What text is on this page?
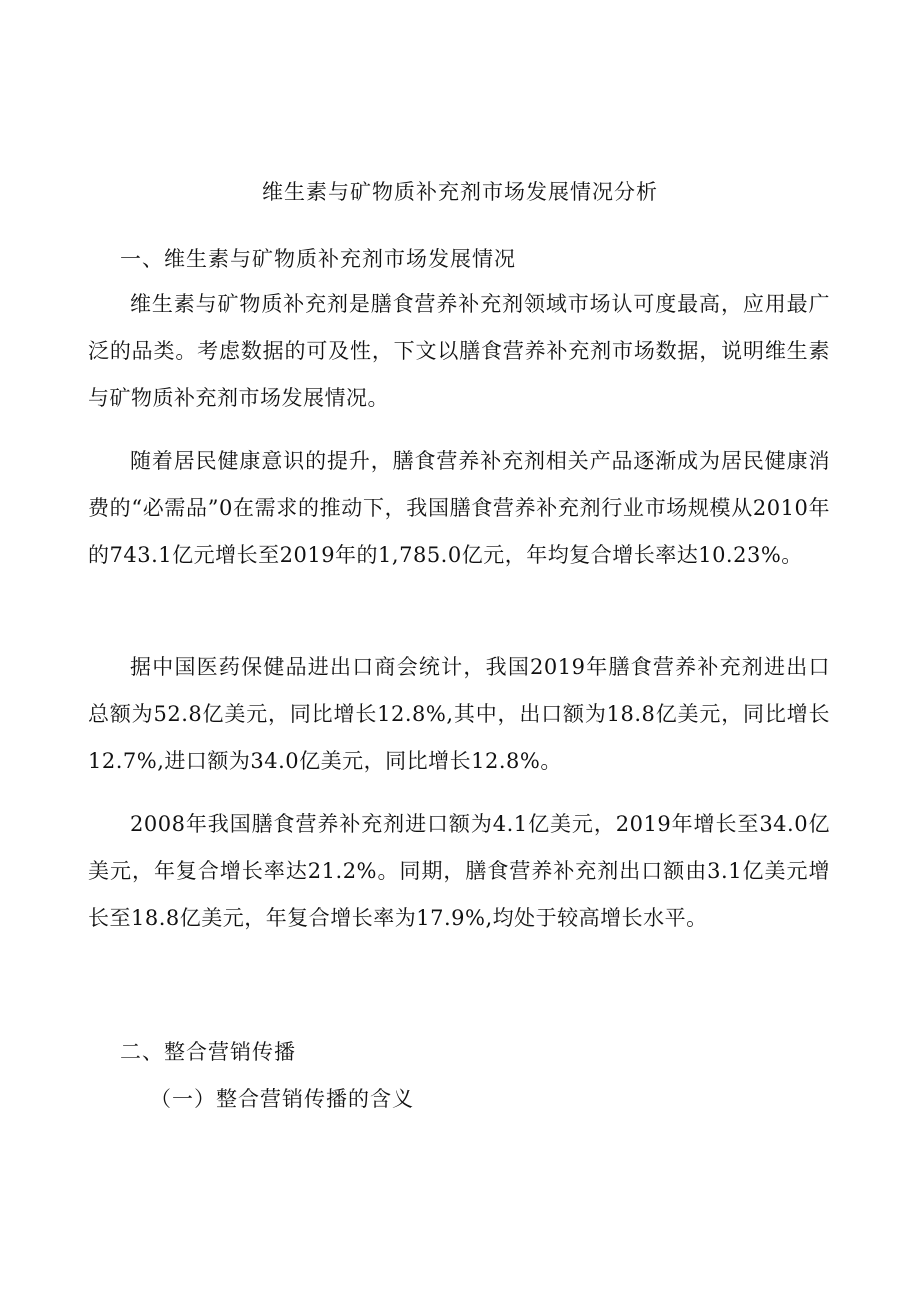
维生素与矿物质补充剂市场发展情况分析
一、维生素与矿物质补充剂市场发展情况

维生素与矿物质补充剂是膳食营养补充剂领域市场认可度最高，应用最广泛的品类。考虑数据的可及性，下文以膳食营养补充剂市场数据，说明维生素与矿物质补充剂市场发展情况。

随着居民健康意识的提升，膳食营养补充剂相关产品逐渐成为居民健康消费的“必需品”0在需求的推动下，我国膳食营养补充剂行业市场规模从2010年的743.1亿元增长至2019年的1,785.0亿元，年均复合增长率达10.23%。

据中国医药保健品进出口商会统计，我国2019年膳食营养补充剂进出口总额为52.8亿美元，同比增长12.8%,其中，出口额为18.8亿美元，同比增长12.7%,进口额为34.0亿美元，同比增长12.8%。

2008年我国膳食营养补充剂进口额为4.1亿美元，2019年增长至34.0亿美元，年复合增长率达21.2%。同期，膳食营养补充剂出口额由3.1亿美元增长至18.8亿美元，年复合增长率为17.9%,均处于较高增长水平。

二、整合营销传播
（一）整合营销传播的含义
